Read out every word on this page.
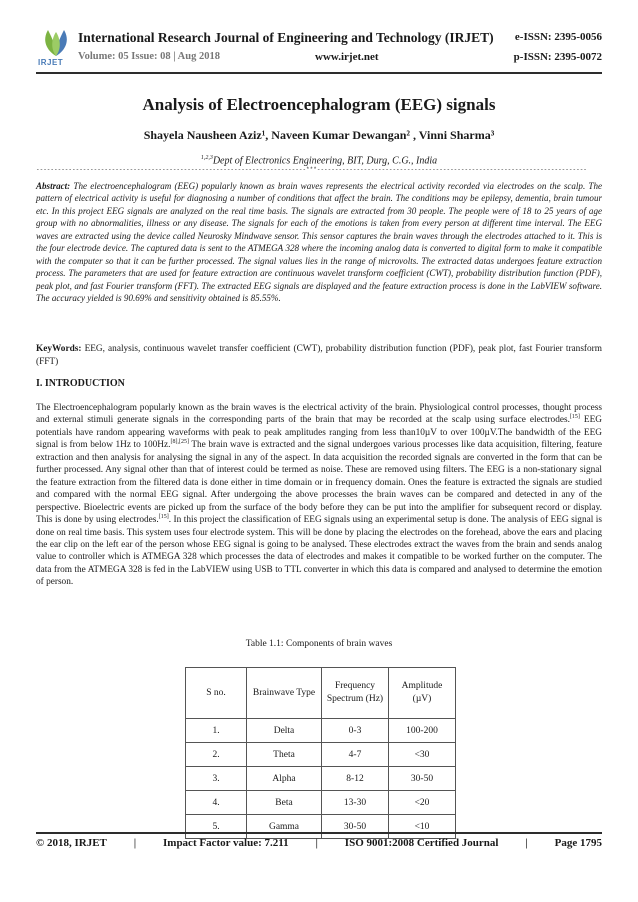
IRJET
International Research Journal of Engineering and Technology (IRJET) e-ISSN: 2395-0056
Volume: 05 Issue: 08 | Aug 2018	www.irjet.net	p-ISSN: 2395-0072
Analysis of Electroencephalogram (EEG) signals
Shayela Nausheen Aziz¹, Naveen Kumar Dewangan² , Vinni Sharma³
$^{1,2,3}$Dept of Electronics Engineering, BIT, Durg, C.G., India
---------------------------------------------------------------------------***---------------------------------------------------------------------------
Abstract: The electroencephalogram (EEG) popularly known as brain waves represents the electrical activity recorded via electrodes on the scalp. The pattern of electrical activity is useful for diagnosing a number of conditions that affect the brain. The conditions may be epilepsy, dementia, brain tumour etc. In this project EEG signals are analyzed on the real time basis. The signals are extracted from 30 people. The people were of 18 to 25 years of age group with no abnormalities, illness or any disease. The signals for each of the emotions is taken from every person at different time interval. The EEG waves are extracted using the device called Neurosky Mindwave sensor. This sensor captures the brain waves through the electrodes attached to it. This is the four electrode device. The captured data is sent to the ATMEGA 328 where the incoming analog data is converted to digital form to make it compatible with the computer so that it can be further processed. The signal values lies in the range of microvolts. The extracted datas undergoes feature extraction process. The parameters that are used for feature extraction are continuous wavelet transform coefficient (CWT), probability distribution function (PDF), peak plot, and fast Fourier transform (FFT). The extracted EEG signals are displayed and the feature extraction process is done in the LabVIEW software. The accuracy yielded is 90.69% and sensitivity obtained is 85.55%.
KeyWords: EEG, analysis, continuous wavelet transfer coefficient (CWT), probability distribution function (PDF), peak plot, fast Fourier transform (FFT)
I. INTRODUCTION
The Electroencephalogram popularly known as the brain waves is the electrical activity of the brain. Physiological control processes, thought process and external stimuli generate signals in the corresponding parts of the brain that may be recorded at the scalp using surface electrodes.[15] EEG potentials have random appearing waveforms with peak to peak amplitudes ranging from less than10µV to over 100µV.The bandwidth of the EEG signal is from below 1Hz to 100Hz.[8],[25] The brain wave is extracted and the signal undergoes various processes like data acquisition, filtering, feature extraction and then analysis for analysing the signal in any of the aspect. In data acquisition the recorded signals are converted in the form that can be further processed. Any signal other than that of interest could be termed as noise. These are removed using filters. The EEG is a non-stationary signal the feature extraction from the filtered data is done either in time domain or in frequency domain. Ones the feature is extracted the signals are studied and compared with the normal EEG signal. After undergoing the above processes the brain waves can be compared and detected in any of the perspective. Bioelectric events are picked up from the surface of the body before they can be put into the amplifier for subsequent record or display. This is done by using electrodes.[15]. In this project the classification of EEG signals using an experimental setup is done. The analysis of EEG signal is done on real time basis. This system uses four electrode system. This will be done by placing the electrodes on the forehead, above the ears and placing the ear clip on the left ear of the person whose EEG signal is going to be analysed. These electrodes extract the waves from the brain and sends analog value to controller which is ATMEGA 328 which processes the data of electrodes and makes it compatible to be worked further on the computer. The data from the ATMEGA 328 is fed in the LabVIEW using USB to TTL converter in which this data is compared and analysed to determine the emotion of person.
Table 1.1: Components of brain waves
S no.	Brainwave Type	Frequency Spectrum (Hz)	Amplitude (µV)
1.	Delta	0-3	100-200
2.	Theta	4-7	<30
3.	Alpha	8-12	30-50
4.	Beta	13-30	<20
5.	Gamma	30-50	<10
© 2018, IRJET | Impact Factor value: 7.211 | ISO 9001:2008 Certified Journal | Page 1795
